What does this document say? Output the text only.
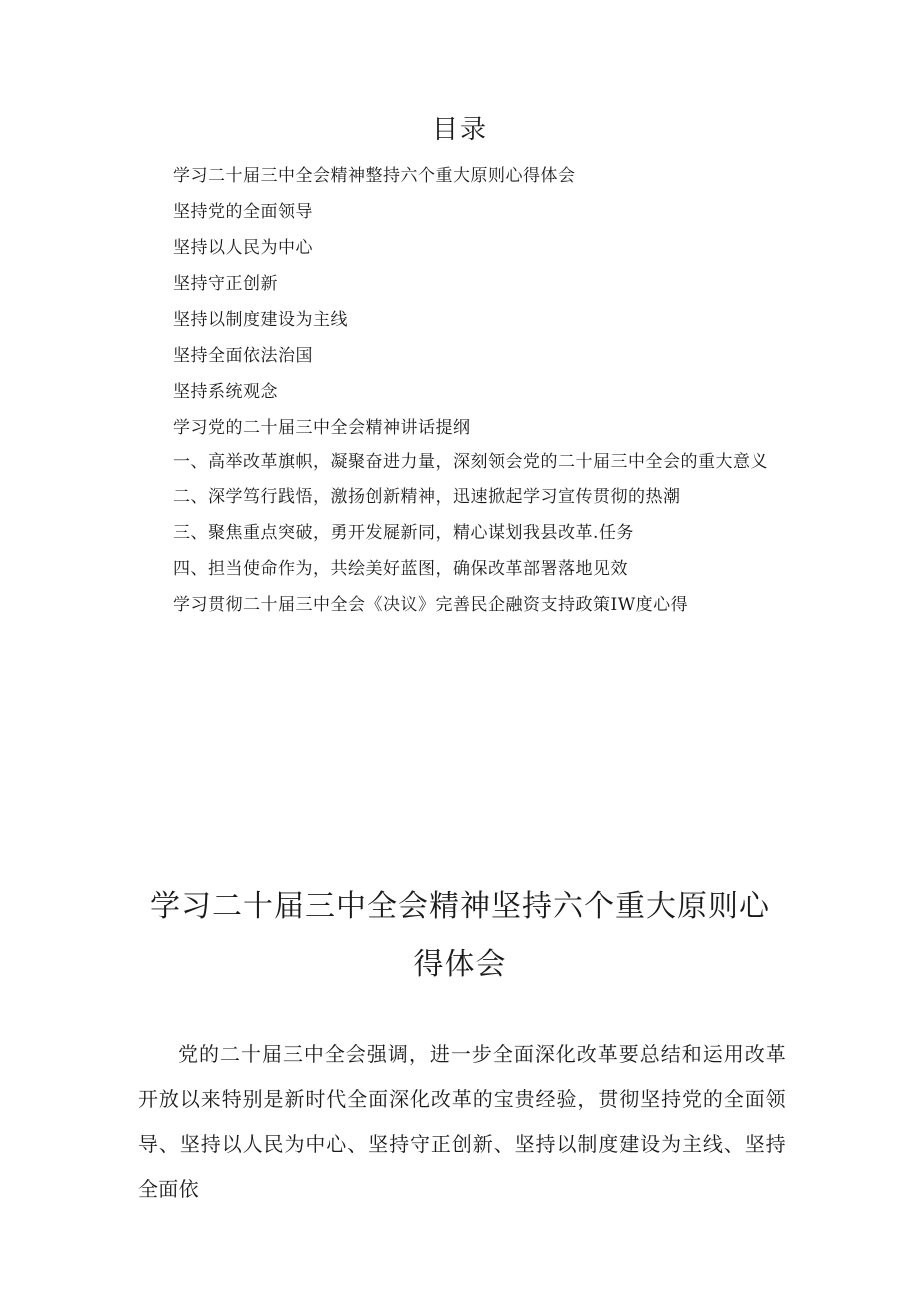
目录
学习二十届三中全会精神整持六个重大原则心得体会
坚持党的全面领导
坚持以人民为中心
坚持守正创新
坚持以制度建设为主线
坚持全面依法治国
坚持系统观念
学习党的二十届三中全会精神讲话提纲
一、高举改革旗帜，凝聚奋进力量，深刻领会党的二十届三中全会的重大意义
二、深学笃行践悟，激扬创新精神，迅速掀起学习宣传贯彻的热潮
三、聚焦重点突破，勇开发屣新同，精心谋划我县改革.任务
四、担当使命作为，共绘美好蓝图，确保改革部署落地见效
学习贯彻二十届三中全会《决议》完善民企融资支持政策IW度心得
学习二十届三中全会精神坚持六个重大原则心得体会

党的二十届三中全会强调，进一步全面深化改革要总结和运用改革开放以来特别是新时代全面深化改革的宝贵经验，贯彻坚持党的全面领导、坚持以人民为中心、坚持守正创新、坚持以制度建设为主线、坚持全面依
